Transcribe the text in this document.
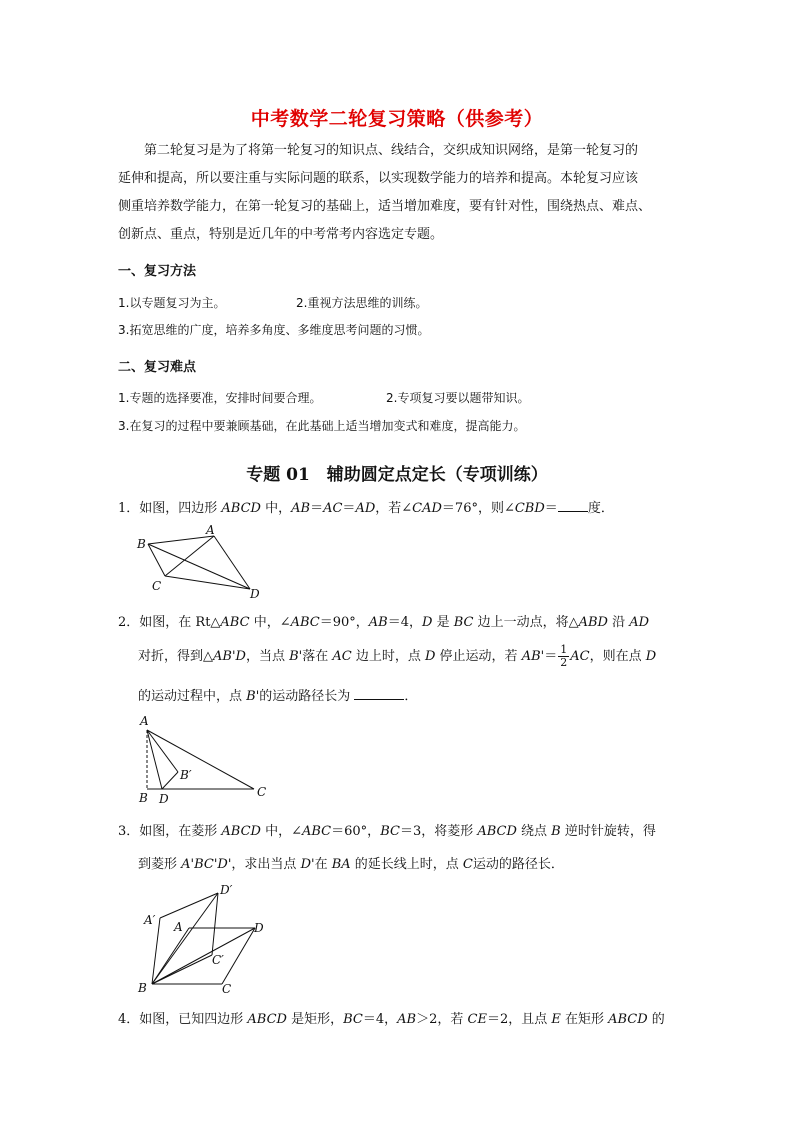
中考数学二轮复习策略（供参考）
第二轮复习是为了将第一轮复习的知识点、线结合，交织成知识网络，是第一轮复习的

延伸和提高，所以要注重与实际问题的联系，以实现数学能力的培养和提高。本轮复习应该
侧重培养数学能力，在第一轮复习的基础上，适当增加难度，要有针对性，围绕热点、难点、
创新点、重点，特别是近几年的中考常考内容选定专题。
一、复习方法
1.以专题复习为主。	2.重视方法思维的训练。
3.拓宽思维的广度，培养多角度、多维度思考问题的习惯。
二、复习难点
1.专题的选择要准，安排时间要合理。	2.专项复习要以题带知识。
3.在复习的过程中要兼顾基础，在此基础上适当增加变式和难度，提高能力。
专题 01　辅助圆定点定长（专项训练）
1．如图，四边形 ABCD 中，AB＝AC＝AD，若∠CAD＝76°，则∠CBD＝ 度．
A
B
C
D
2．如图，在 Rt△ABC 中，∠ABC＝90°，AB＝4，D 是 BC 边上一动点，将△ABD 沿 AD
对折，得到△AB'D，当点 B'落在 AC 边上时，点 D 停止运动，若 $AB'= \frac{1}{2}$ AC，则在点 D
的运动过程中，点 B'的运动路径长为	．
A
B
B′
C
D
3．如图，在菱形 ABCD 中，∠ABC＝60°，BC＝3，将菱形 ABCD 绕点 B 逆时针旋转，得
到菱形 A'BC'D'，求出当点 D'在 BA 的延长线上时，点 C运动的路径长．
A
A′
B	C
C′
D
D′
4．如图，已知四边形 ABCD 是矩形，BC＝4，AB＞2，若 CE＝2，且点 E 在矩形 ABCD 的
